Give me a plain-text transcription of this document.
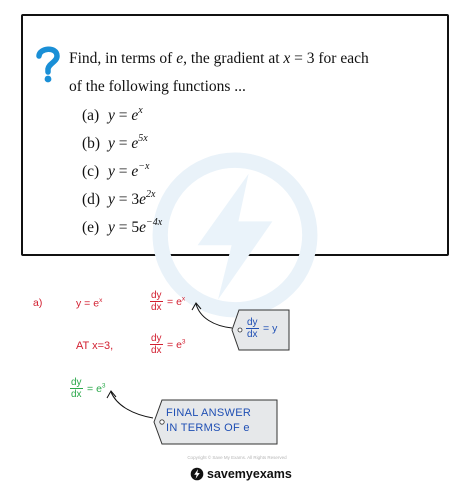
Find, in terms of e, the gradient at x = 3 for each
of the following functions ...
(a) $y = e^x$
(b) $y = e^{5x}$
(c) $y = e^{-x}$
(d) $y = 3e^{2x}$
(e) $y = 5e^{-4x}$
a)	$y = e^x$	$\frac{dy}{dx} = e^x$
AT x=3,	$\frac{dy}{dx} = e^3$
$\frac{dy}{dx} = e^3$
$\frac{dy}{dx} = y$
FINAL ANSWER
IN TERMS OF e
Copyright © Save My Exams. All Rights Reserved
savemyexams
